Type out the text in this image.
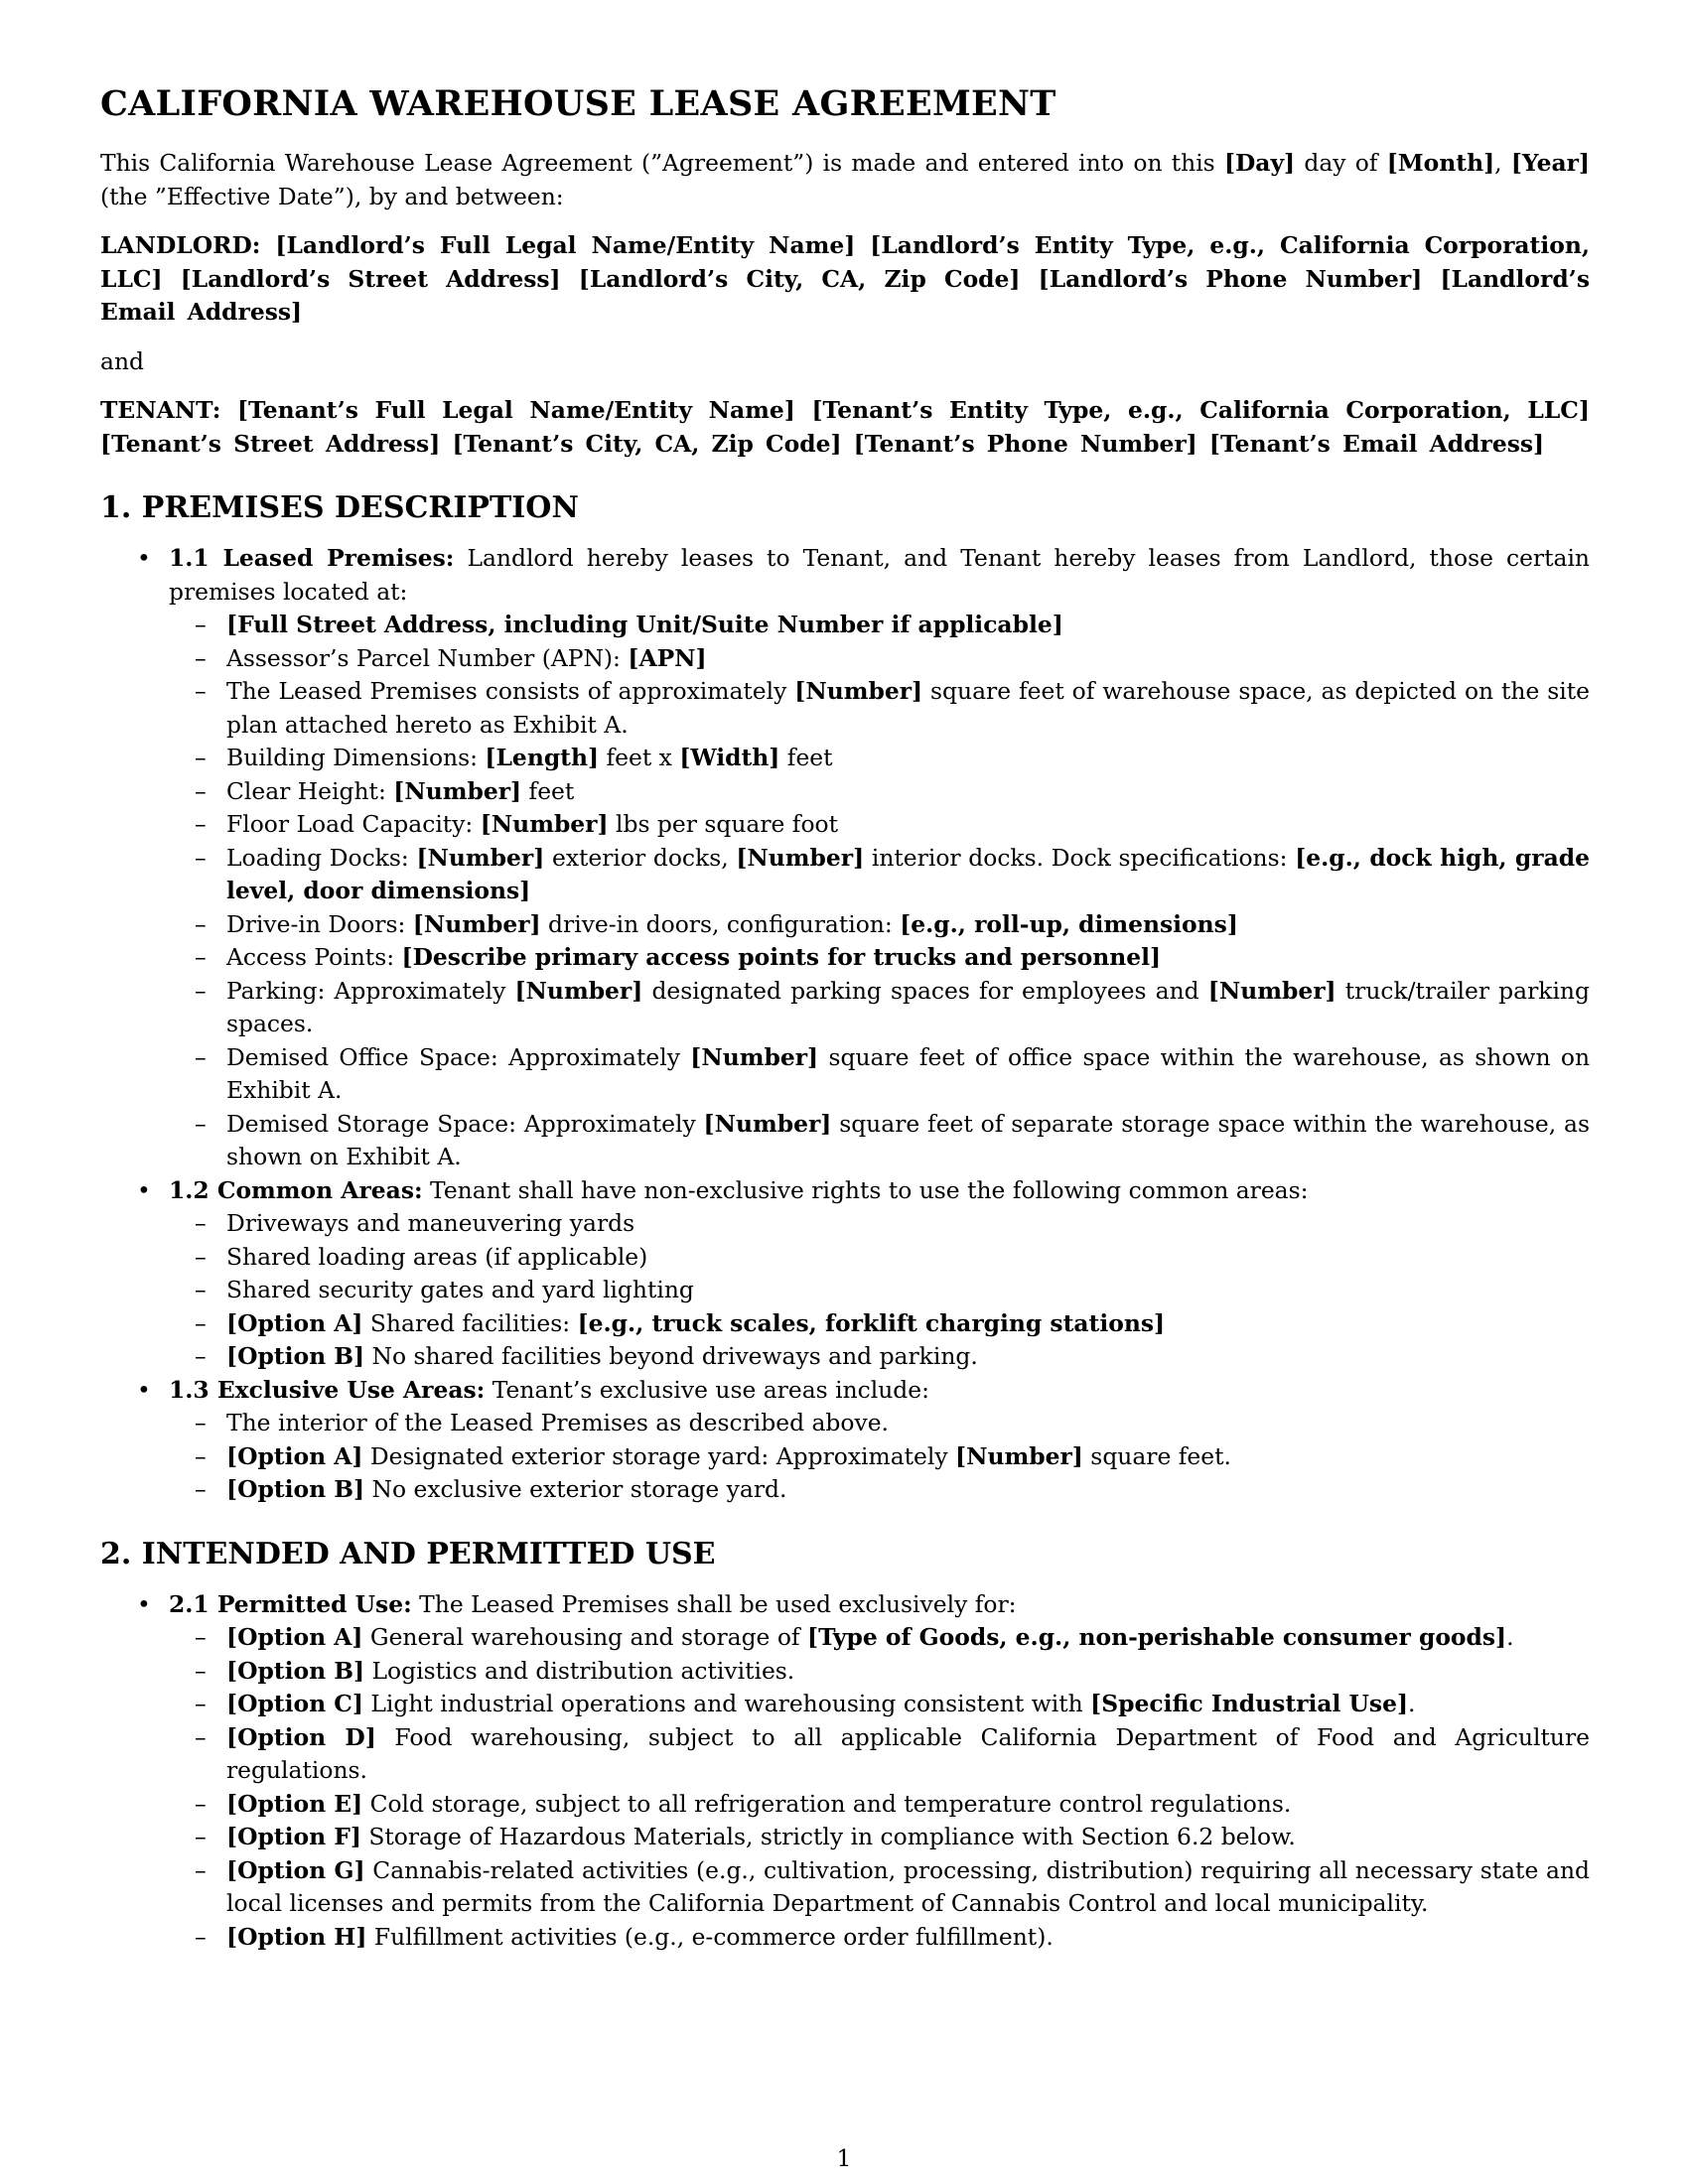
CALIFORNIA WAREHOUSE LEASE AGREEMENT

This California Warehouse Lease Agreement (”Agreement”) is made and entered into on this [Day] day of [Month], [Year] (the ”Effective Date”), by and between:

LANDLORD: [Landlord’s Full Legal Name/Entity Name] [Landlord’s Entity Type, e.g., California Corporation, LLC] [Landlord’s Street Address] [Landlord’s City, CA, Zip Code] [Landlord’s Phone Number] [Landlord’s Email Address]

and

TENANT: [Tenant’s Full Legal Name/Entity Name] [Tenant’s Entity Type, e.g., California Corporation, LLC] [Tenant’s Street Address] [Tenant’s City, CA, Zip Code] [Tenant’s Phone Number] [Tenant’s Email Address]

1. PREMISES DESCRIPTION
• 1.1 Leased Premises: Landlord hereby leases to Tenant, and Tenant hereby leases from Landlord, those certain premises located at:
– [Full Street Address, including Unit/Suite Number if applicable]
– Assessor’s Parcel Number (APN): [APN]
– The Leased Premises consists of approximately [Number] square feet of warehouse space, as depicted on the site plan attached hereto as Exhibit A.
– Building Dimensions: [Length] feet x [Width] feet
– Clear Height: [Number] feet
– Floor Load Capacity: [Number] lbs per square foot
– Loading Docks: [Number] exterior docks, [Number] interior docks. Dock specifications: [e.g., dock high, grade level, door dimensions]
– Drive-in Doors: [Number] drive-in doors, configuration: [e.g., roll-up, dimensions]
– Access Points: [Describe primary access points for trucks and personnel]
– Parking: Approximately [Number] designated parking spaces for employees and [Number] truck/trailer parking spaces.
– Demised Office Space: Approximately [Number] square feet of office space within the warehouse, as shown on Exhibit A.
– Demised Storage Space: Approximately [Number] square feet of separate storage space within the warehouse, as shown on Exhibit A.
• 1.2 Common Areas: Tenant shall have non-exclusive rights to use the following common areas:
– Driveways and maneuvering yards
– Shared loading areas (if applicable)
– Shared security gates and yard lighting
– [Option A] Shared facilities: [e.g., truck scales, forklift charging stations]
– [Option B] No shared facilities beyond driveways and parking.
• 1.3 Exclusive Use Areas: Tenant’s exclusive use areas include:
– The interior of the Leased Premises as described above.
– [Option A] Designated exterior storage yard: Approximately [Number] square feet.
– [Option B] No exclusive exterior storage yard.
2. INTENDED AND PERMITTED USE
• 2.1 Permitted Use: The Leased Premises shall be used exclusively for:
– [Option A] General warehousing and storage of [Type of Goods, e.g., non-perishable consumer goods].
– [Option B] Logistics and distribution activities.
– [Option C] Light industrial operations and warehousing consistent with [Specific Industrial Use].
– [Option D] Food warehousing, subject to all applicable California Department of Food and Agriculture regulations.
– [Option E] Cold storage, subject to all refrigeration and temperature control regulations.
– [Option F] Storage of Hazardous Materials, strictly in compliance with Section 6.2 below.
– [Option G] Cannabis-related activities (e.g., cultivation, processing, distribution) requiring all necessary state and local licenses and permits from the California Department of Cannabis Control and local municipality.
– [Option H] Fulfillment activities (e.g., e-commerce order fulfillment).
1
